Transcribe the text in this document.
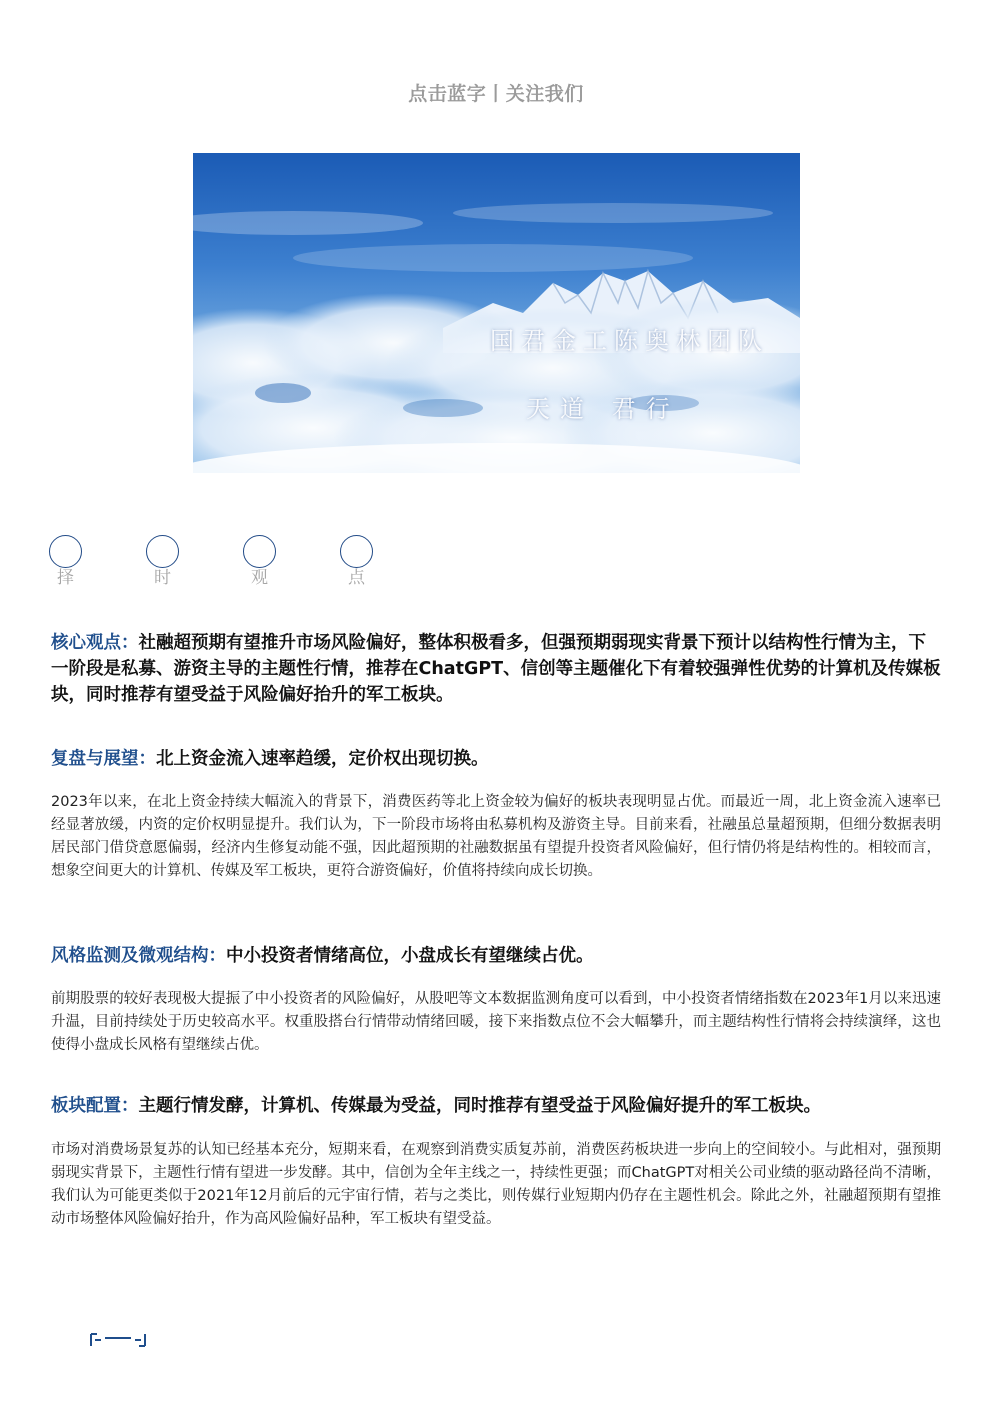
点击蓝字丨关注我们
国君金工陈奥林团队
天道 君行
择	时	观	点
核心观点：社融超预期有望推升市场风险偏好，整体积极看多，但强预期弱现实背景下预计以结构性行情为主，下一阶段是私募、游资主导的主题性行情，推荐在ChatGPT、信创等主题催化下有着较强弹性优势的计算机及传媒板块，同时推荐有望受益于风险偏好抬升的军工板块。
复盘与展望：北上资金流入速率趋缓，定价权出现切换。
2023年以来，在北上资金持续大幅流入的背景下，消费医药等北上资金较为偏好的板块表现明显占优。而最近一周，北上资金流入速率已经显著放缓，内资的定价权明显提升。我们认为，下一阶段市场将由私募机构及游资主导。目前来看，社融虽总量超预期，但细分数据表明居民部门借贷意愿偏弱，经济内生修复动能不强，因此超预期的社融数据虽有望提升投资者风险偏好，但行情仍将是结构性的。相较而言，想象空间更大的计算机、传媒及军工板块，更符合游资偏好，价值将持续向成长切换。
风格监测及微观结构：中小投资者情绪高位，小盘成长有望继续占优。
前期股票的较好表现极大提振了中小投资者的风险偏好，从股吧等文本数据监测角度可以看到，中小投资者情绪指数在2023年1月以来迅速升温，目前持续处于历史较高水平。权重股搭台行情带动情绪回暖，接下来指数点位不会大幅攀升，而主题结构性行情将会持续演绎，这也使得小盘成长风格有望继续占优。
板块配置：主题行情发酵，计算机、传媒最为受益，同时推荐有望受益于风险偏好提升的军工板块。
市场对消费场景复苏的认知已经基本充分，短期来看，在观察到消费实质复苏前，消费医药板块进一步向上的空间较小。与此相对，强预期弱现实背景下，主题性行情有望进一步发酵。其中，信创为全年主线之一，持续性更强；而ChatGPT对相关公司业绩的驱动路径尚不清晰，我们认为可能更类似于2021年12月前后的元宇宙行情，若与之类比，则传媒行业短期内仍存在主题性机会。除此之外，社融超预期有望推动市场整体风险偏好抬升，作为高风险偏好品种，军工板块有望受益。
